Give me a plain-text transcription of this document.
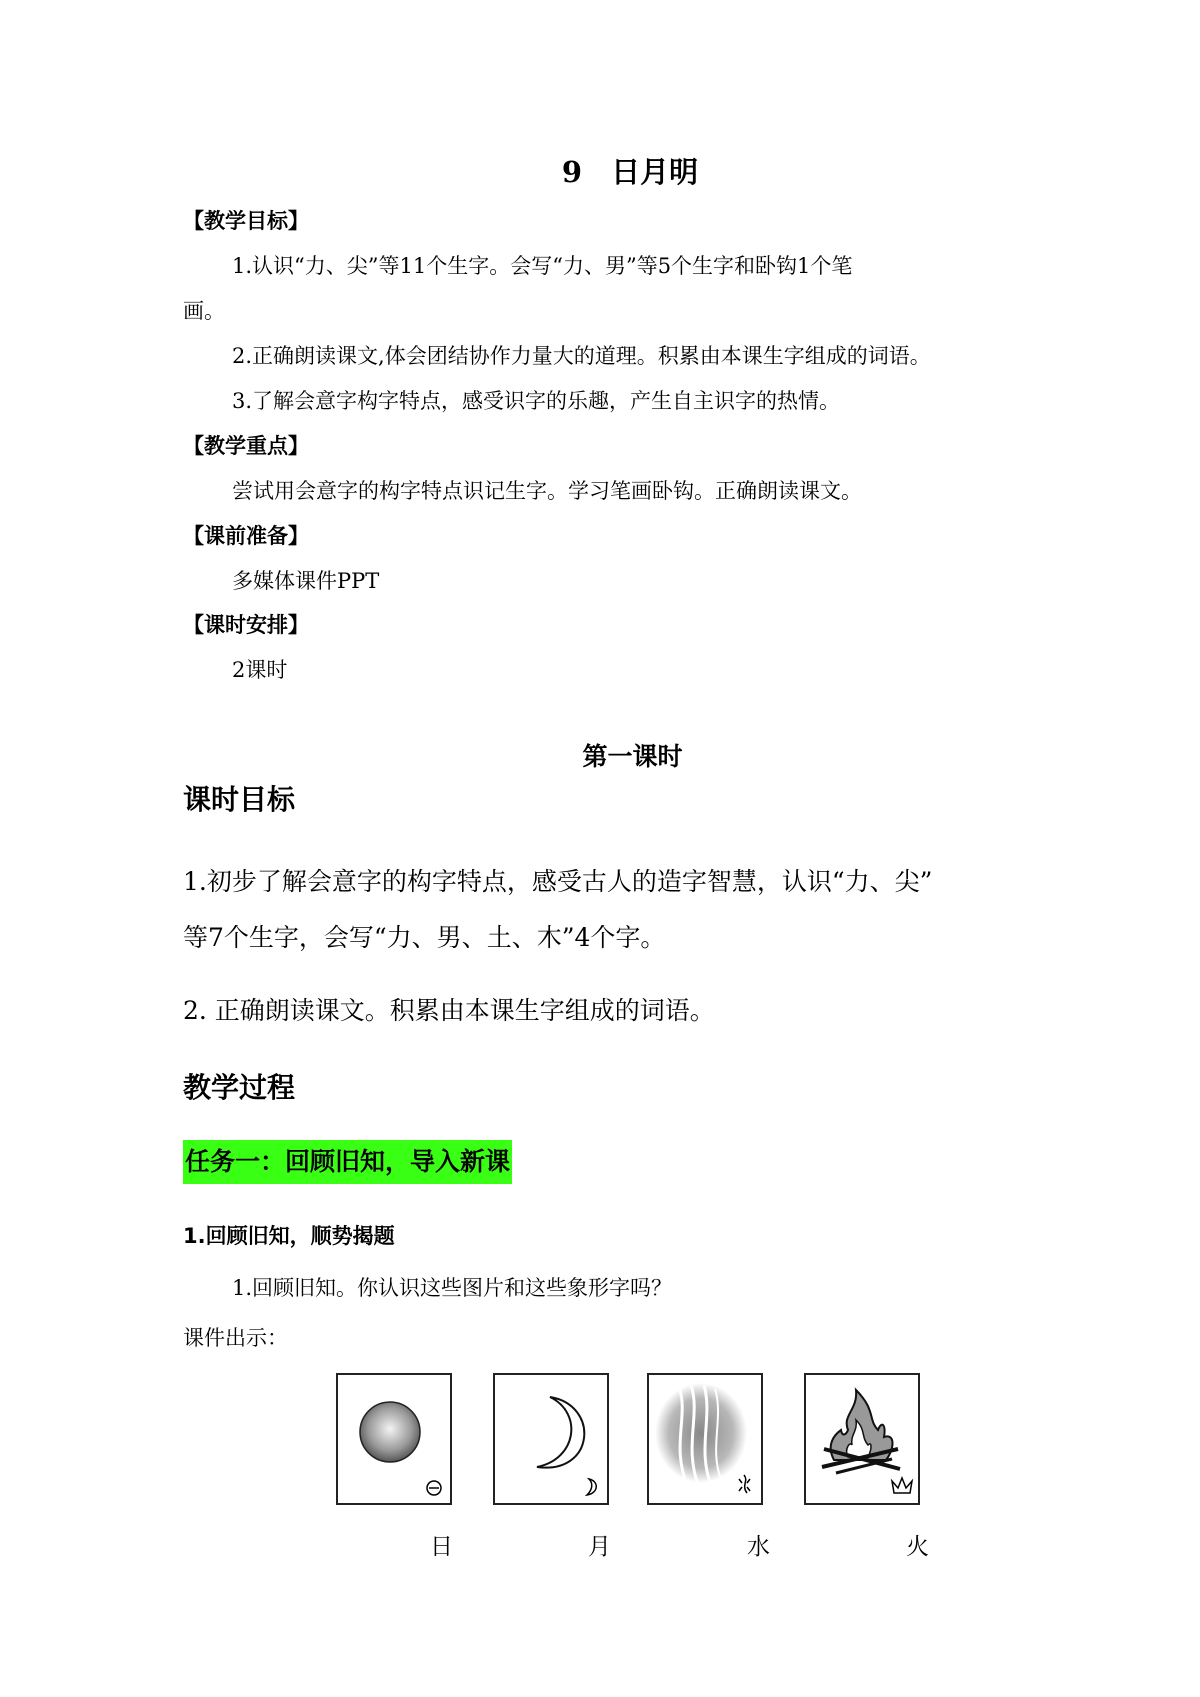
9　日月明
【教学目标】
1.认识“力、尖”等11个生字。会写“力、男”等5个生字和卧钩1个笔
画。
2.正确朗读课文,体会团结协作力量大的道理。积累由本课生字组成的词语。
3.了解会意字构字特点，感受识字的乐趣，产生自主识字的热情。
【教学重点】
尝试用会意字的构字特点识记生字。学习笔画卧钩。正确朗读课文。
【课前准备】
多媒体课件PPT
【课时安排】
2课时
第一课时
课时目标
1.初步了解会意字的构字特点，感受古人的造字智慧，认识“力、尖”
等7个生字，会写“力、男、土、木”4个字。
2. 正确朗读课文。积累由本课生字组成的词语。
教学过程
任务一：回顾旧知，导入新课
1.回顾旧知，顺势揭题
1.回顾旧知。你认识这些图片和这些象形字吗？
课件出示：
日	月	水	火
